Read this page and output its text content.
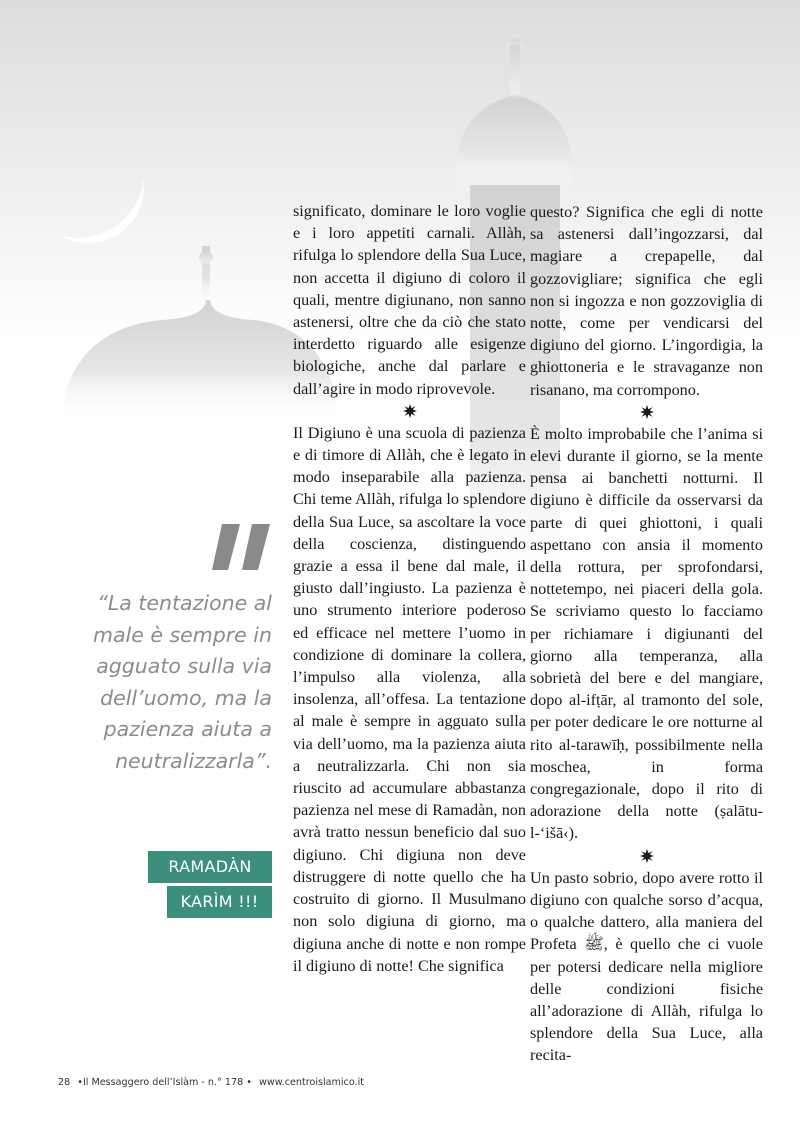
significato, dominare le loro voglie e i loro appetiti carnali. Allàh, rifulga lo splendore della Sua Luce, non accetta il digiuno di coloro il quali, mentre digiunano, non sanno astenersi, oltre che da ciò che stato interdetto riguardo alle esigenze biologiche, anche dal parlare e dall’agire in modo riprovevole.

Il Digiuno è una scuola di pazienza e di timore di Allàh, che è legato in modo inseparabile alla pazienza. Chi teme Allàh, rifulga lo splendore della Sua Luce, sa ascoltare la voce della coscienza, distinguendo grazie a essa il bene dal male, il giusto dall’ingiusto. La pazienza è uno strumento interiore poderoso ed efficace nel mettere l’uomo in condizione di dominare la collera, l’impulso alla violenza, alla insolenza, all’offesa. La tentazione al male è sempre in agguato sulla via dell’uomo, ma la pazienza aiuta a neutralizzarla. Chi non sia riuscito ad accumulare abbastanza pazienza nel mese di Ramadàn, non avrà tratto nessun beneficio dal suo digiuno. Chi digiuna non deve distruggere di notte quello che ha costruito di giorno. Il Musulmano non solo digiuna di giorno, ma digiuna anche di notte e non rompe il digiuno di notte! Che significa

questo? Significa che egli di notte sa astenersi dall’ingozzarsi, dal magiare a crepapelle, dal gozzovigliare; significa che egli non si ingozza e non gozzoviglia di notte, come per vendicarsi del digiuno del giorno. L’ingordigia, la ghiottoneria e le stravaganze non risanano, ma corrompono.

È molto improbabile che l’anima si elevi durante il giorno, se la mente pensa ai banchetti notturni. Il digiuno è difficile da osservarsi da parte di quei ghiottoni, i quali aspettano con ansia il momento della rottura, per sprofondarsi, nottetempo, nei piaceri della gola. Se scriviamo questo lo facciamo per richiamare i digiunanti del giorno alla temperanza, alla sobrietà del bere e del mangiare, dopo al-ifṭār, al tramonto del sole, per poter dedicare le ore notturne al rito al-tarawīḥ, possibilmente nella moschea, in forma congregazionale, dopo il rito di adorazione della notte (ṣalātu-l-‘išā‹).

Un pasto sobrio, dopo avere rotto il digiuno con qualche sorso d’acqua, o qualche dattero, alla maniera del Profeta ﷺ, è quello che ci vuole per potersi dedicare nella migliore delle condizioni fisiche all’adorazione di Allàh, rifulga lo splendore della Sua Luce, alla recita-

“La tentazione al male è sempre in agguato sulla via dell’uomo, ma la pazienza aiuta a neutralizzarla”.
RAMADÀN
KARÌM !!!
28 •Il Messaggero dell’Islàm - n.° 178 • www.centroislamico.it
